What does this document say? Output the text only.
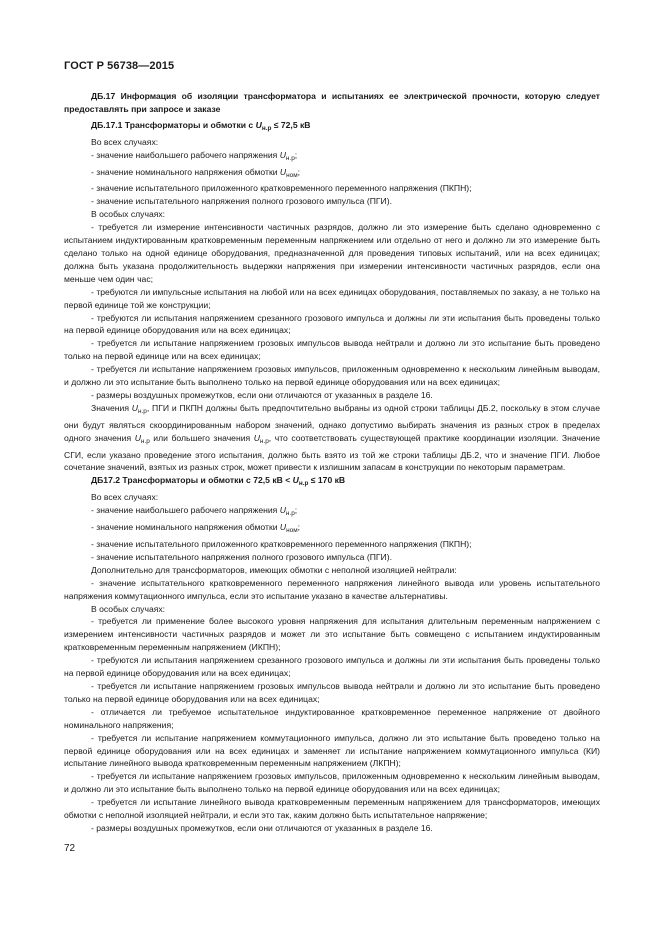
ГОСТ Р 56738—2015

ДБ.17 Информация об изоляции трансформатора и испытаниях ее электрической прочности, которую следует предоставлять при запросе и заказе

ДБ.17.1 Трансформаторы и обмотки с $U_{н.р} \le 72,5$ кВ

Во всех случаях:

- значение наибольшего рабочего напряжения $U_{н.р}$;

- значение номинального напряжения обмотки $U_{ном}$;

- значение испытательного приложенного кратковременного переменного напряжения (ПКПН);

- значение испытательного напряжения полного грозового импульса (ПГИ).

В особых случаях:

- требуется ли измерение интенсивности частичных разрядов, должно ли это измерение быть сделано одновременно с испытанием индуктированным кратковременным переменным напряжением или отдельно от него и должно ли это измерение быть сделано только на одной единице оборудования, предназначенной для проведения типовых испытаний, или на всех единицах; должна быть указана продолжительность выдержки напряжения при измерении интенсивности частичных разрядов, если она меньше чем один час;

- требуются ли импульсные испытания на любой или на всех единицах оборудования, поставляемых по заказу, а не только на первой единице той же конструкции;

- требуются ли испытания напряжением срезанного грозового импульса и должны ли эти испытания быть проведены только на первой единице оборудования или на всех единицах;

- требуется ли испытание напряжением грозовых импульсов вывода нейтрали и должно ли это испытание быть проведено только на первой единице или на всех единицах;

- требуется ли испытание напряжением грозовых импульсов, приложенным одновременно к нескольким линейным выводам, и должно ли это испытание быть выполнено только на первой единице оборудования или на всех единицах;

- размеры воздушных промежутков, если они отличаются от указанных в разделе 16.

Значения $U_{н.р}$, ПГИ и ПКПН должны быть предпочтительно выбраны из одной строки таблицы ДБ.2, поскольку в этом случае они будут являться скоординированным набором значений, однако допустимо выбирать значения из разных строк в пределах одного значения $U_{н.р}$ или большего значения $U_{н.р}$, что соответствовать существующей практике координации изоляции. Значение СГИ, если указано проведение этого испытания, должно быть взято из той же строки таблицы ДБ.2, что и значение ПГИ. Любое сочетание значений, взятых из разных строк, может привести к излишним запасам в конструкции по некоторым параметрам.

ДБ17.2 Трансформаторы и обмотки с 72,5 кВ < $U_{н.р} \le 170$ кВ

Во всех случаях:

- значение наибольшего рабочего напряжения $U_{н.р}$;

- значение номинального напряжения обмотки $U_{ном}$;

- значение испытательного приложенного кратковременного переменного напряжения (ПКПН);

- значение испытательного напряжения полного грозового импульса (ПГИ).

Дополнительно для трансформаторов, имеющих обмотки с неполной изоляцией нейтрали:

- значение испытательного кратковременного переменного напряжения линейного вывода или уровень испытательного напряжения коммутационного импульса, если это испытание указано в качестве альтернативы.

В особых случаях:

- требуется ли применение более высокого уровня напряжения для испытания длительным переменным напряжением с измерением интенсивности частичных разрядов и может ли это испытание быть совмещено с испытанием индуктированным кратковременным переменным напряжением (ИКПН);

- требуются ли испытания напряжением срезанного грозового импульса и должны ли эти испытания быть проведены только на первой единице оборудования или на всех единицах;

- требуется ли испытание напряжением грозовых импульсов вывода нейтрали и должно ли это испытание быть проведено только на первой единице оборудования или на всех единицах;

- отличается ли требуемое испытательное индуктированное кратковременное переменное напряжение от двойного номинального напряжения;

- требуется ли испытание напряжением коммутационного импульса, должно ли это испытание быть проведено только на первой единице оборудования или на всех единицах и заменяет ли испытание напряжением коммутационного импульса (КИ) испытание линейного вывода кратковременным переменным напряжением (ЛКПН);

- требуется ли испытание напряжением грозовых импульсов, приложенным одновременно к нескольким линейным выводам, и должно ли это испытание быть выполнено только на первой единице оборудования или на всех единицах;

- требуется ли испытание линейного вывода кратковременным переменным напряжением для трансформаторов, имеющих обмотки с неполной изоляцией нейтрали, и если это так, каким должно быть испытательное напряжение;

- размеры воздушных промежутков, если они отличаются от указанных в разделе 16.

72
